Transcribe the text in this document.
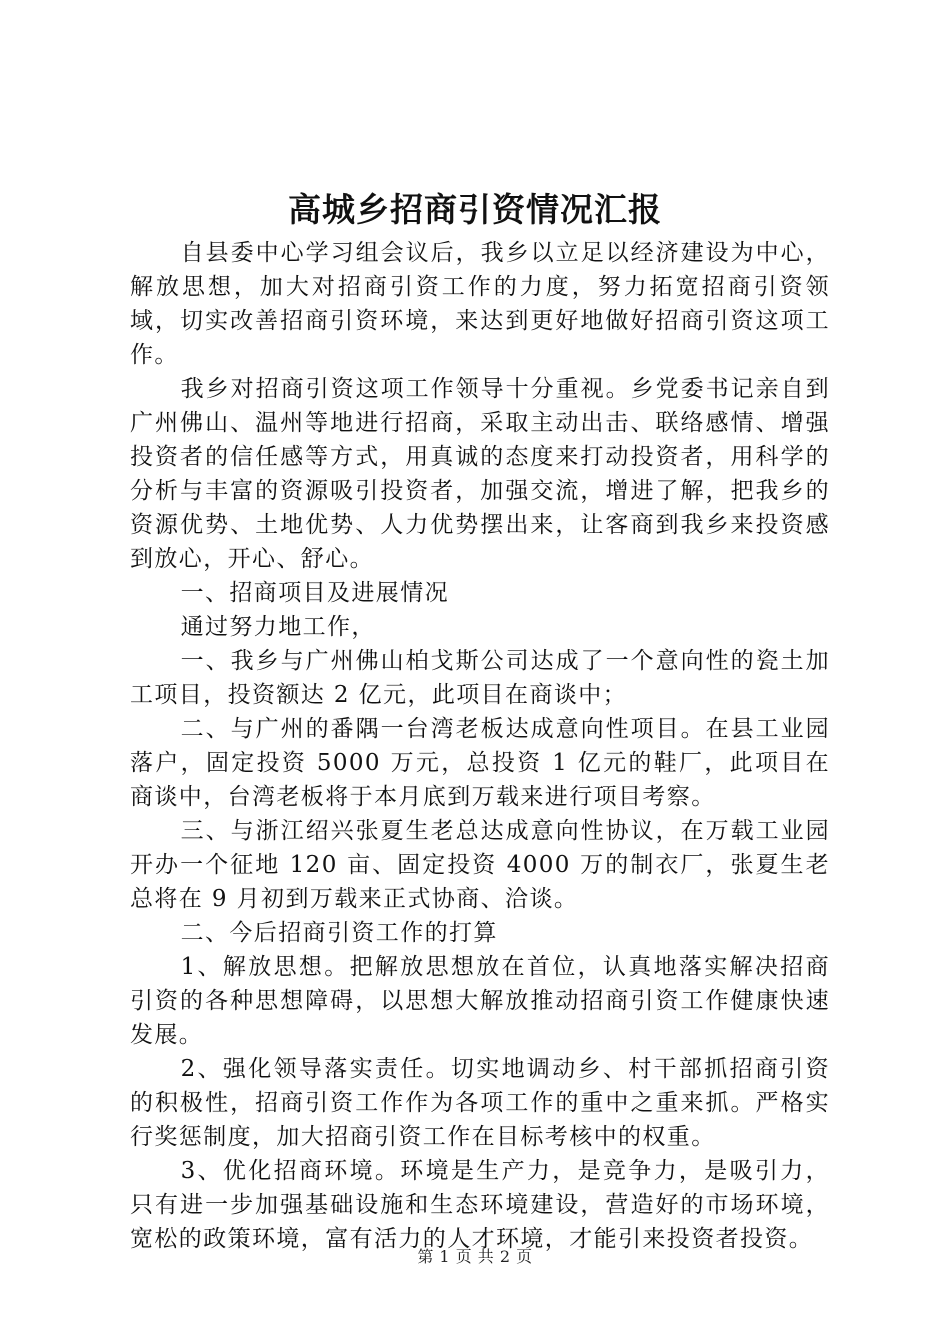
高城乡招商引资情况汇报

自县委中心学习组会议后，我乡以立足以经济建设为中心，解放思想，加大对招商引资工作的力度，努力拓宽招商引资领域，切实改善招商引资环境，来达到更好地做好招商引资这项工作。

我乡对招商引资这项工作领导十分重视。乡党委书记亲自到广州佛山、温州等地进行招商，采取主动出击、联络感情、增强投资者的信任感等方式，用真诚的态度来打动投资者，用科学的分析与丰富的资源吸引投资者，加强交流，增进了解，把我乡的资源优势、土地优势、人力优势摆出来，让客商到我乡来投资感到放心，开心、舒心。

一、招商项目及进展情况

通过努力地工作，

一、我乡与广州佛山柏戈斯公司达成了一个意向性的瓷土加工项目，投资额达 2 亿元，此项目在商谈中；

二、与广州的番隅一台湾老板达成意向性项目。在县工业园落户，固定投资 5000 万元，总投资 1 亿元的鞋厂，此项目在商谈中，台湾老板将于本月底到万载来进行项目考察。

三、与浙江绍兴张夏生老总达成意向性协议，在万载工业园开办一个征地 120 亩、固定投资 4000 万的制衣厂，张夏生老总将在 9 月初到万载来正式协商、洽谈。

二、今后招商引资工作的打算

1、解放思想。把解放思想放在首位，认真地落实解决招商引资的各种思想障碍，以思想大解放推动招商引资工作健康快速发展。

2、强化领导落实责任。切实地调动乡、村干部抓招商引资的积极性，招商引资工作作为各项工作的重中之重来抓。严格实行奖惩制度，加大招商引资工作在目标考核中的权重。

3、优化招商环境。环境是生产力，是竞争力，是吸引力，只有进一步加强基础设施和生态环境建设，营造好的市场环境，宽松的政策环境，富有活力的人才环境，才能引来投资者投资。

第 1 页 共 2 页
